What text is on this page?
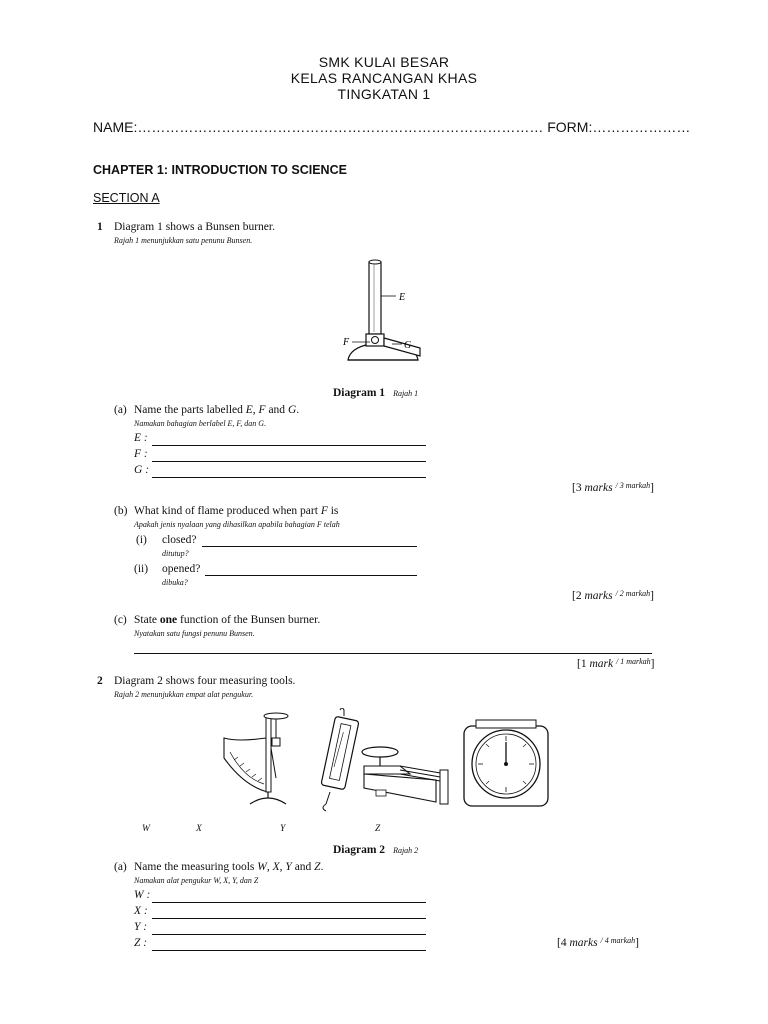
SMK KULAI BESAR
KELAS RANCANGAN KHAS
TINGKATAN 1
NAME:…………………………………………………………………………… FORM:…………………
CHAPTER 1: INTRODUCTION TO SCIENCE
SECTION A
1 Diagram 1 shows a Bunsen burner.
Rajah 1 menunjukkan satu penunu Bunsen.
E
F	G
Diagram 1 Rajah 1
(a) Name the parts labelled E, F and G.
Namakan bahagian berlabel E, F, dan G.
E :
F :
G :
[3 marks $^{/ 3 markah}$]
(b) What kind of flame produced when part F is
Apakah jenis nyalaan yang dihasilkan apabila bahagian F telah
(i) closed?
ditutup?
(ii) opened?
dibuka?
[2 marks $^{/ 2 markah}$]
(c) State one function of the Bunsen burner.
Nyatakan satu fungsi penunu Bunsen.
[1 mark $^{/ 1 markah}$]
2 Diagram 2 shows four measuring tools.
Rajah 2 menunjukkan empat alat pengukur.
W	X	Y	Z
Diagram 2 Rajah 2
(a) Name the measuring tools W, X, Y and Z.
Namakan alat pengukur W, X, Y, dan Z
W :
X :
Y :
Z :	[4 marks $^{/ 4 markah}$]
